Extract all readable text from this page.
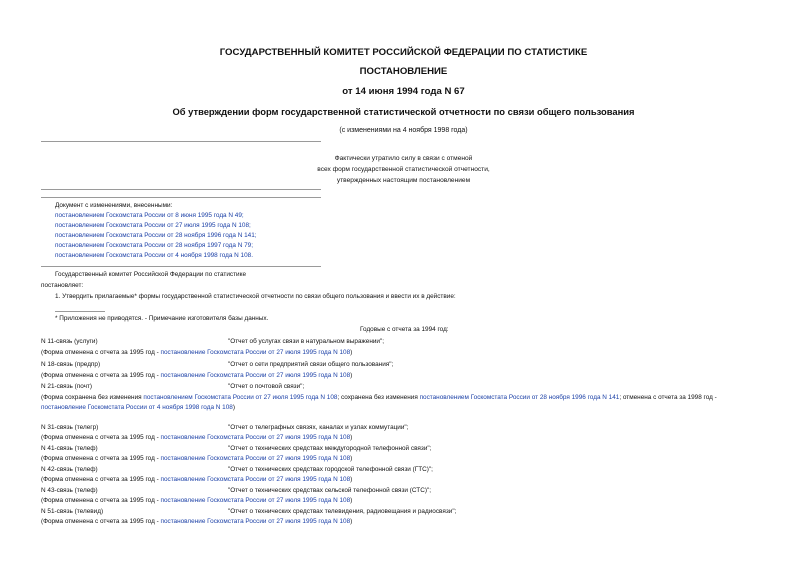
ГОСУДАРСТВЕННЫЙ КОМИТЕТ РОССИЙСКОЙ ФЕДЕРАЦИИ ПО СТАТИСТИКЕ
ПОСТАНОВЛЕНИЕ
от 14 июня 1994 года N 67
Об утверждении форм государственной статистической отчетности по связи общего пользования
(с изменениями на 4 ноября 1998 года)
Фактически утратило силу в связи с отменой
всех форм государственной статистической отчетности,
утвержденных настоящим постановлением
Документ с изменениями, внесенными:
постановлением Госкомстата России от 8 июня 1995 года N 49;
постановлением Госкомстата России от 27 июля 1995 года N 108;
постановлением Госкомстата России от 28 ноября 1996 года N 141;
постановлением Госкомстата России от 28 ноября 1997 года N 79;
постановлением Госкомстата России от 4 ноября 1998 года N 108.
Государственный комитет Российской Федерации по статистике
постановляет:
1. Утвердить прилагаемые* формы государственной статистической отчетности по связи общего пользования и ввести их в действие:
* Приложения не приводятся. - Примечание изготовителя базы данных.
Годовые с отчета за 1994 год:
N 11-связь (услуги)	"Отчет об услугах связи в натуральном выражении";
(Форма отменена с отчета за 1995 год - постановление Госкомстата России от 27 июля 1995 года N 108)
N 18-связь (предпр)	"Отчет о сети предприятий связи общего пользования";
(Форма отменена с отчета за 1995 год - постановление Госкомстата России от 27 июля 1995 года N 108)
N 21-связь (почт)	"Отчет о почтовой связи";
(Форма сохранена без изменения постановлением Госкомстата России от 27 июля 1995 года N 108; сохранена без изменения постановлением Госкомстата России от 28 ноября 1996 года N 141; отменена с отчета за 1998 год -
постановление Госкомстата России от 4 ноября 1998 года N 108)
N 31-связь (телегр)	"Отчет о телеграфных связях, каналах и узлах коммутации";
(Форма отменена с отчета за 1995 год - постановление Госкомстата России от 27 июля 1995 года N 108)
N 41-связь (телеф)	"Отчет о технических средствах междугородной телефонной связи";
(Форма отменена с отчета за 1995 год - постановление Госкомстата России от 27 июля 1995 года N 108)
N 42-связь (телеф)	"Отчет о технических средствах городской телефонной связи (ГТС)";
(Форма отменена с отчета за 1995 год - постановление Госкомстата России от 27 июля 1995 года N 108)
N 43-связь (телеф)	"Отчет о технических средствах сельской телефонной связи (СТС)";
(Форма отменена с отчета за 1995 год - постановление Госкомстата России от 27 июля 1995 года N 108)
N 51-связь (телевид)	"Отчет о технических средствах телевидения, радиовещания и радиосвязи";
(Форма отменена с отчета за 1995 год - постановление Госкомстата России от 27 июля 1995 года N 108)
